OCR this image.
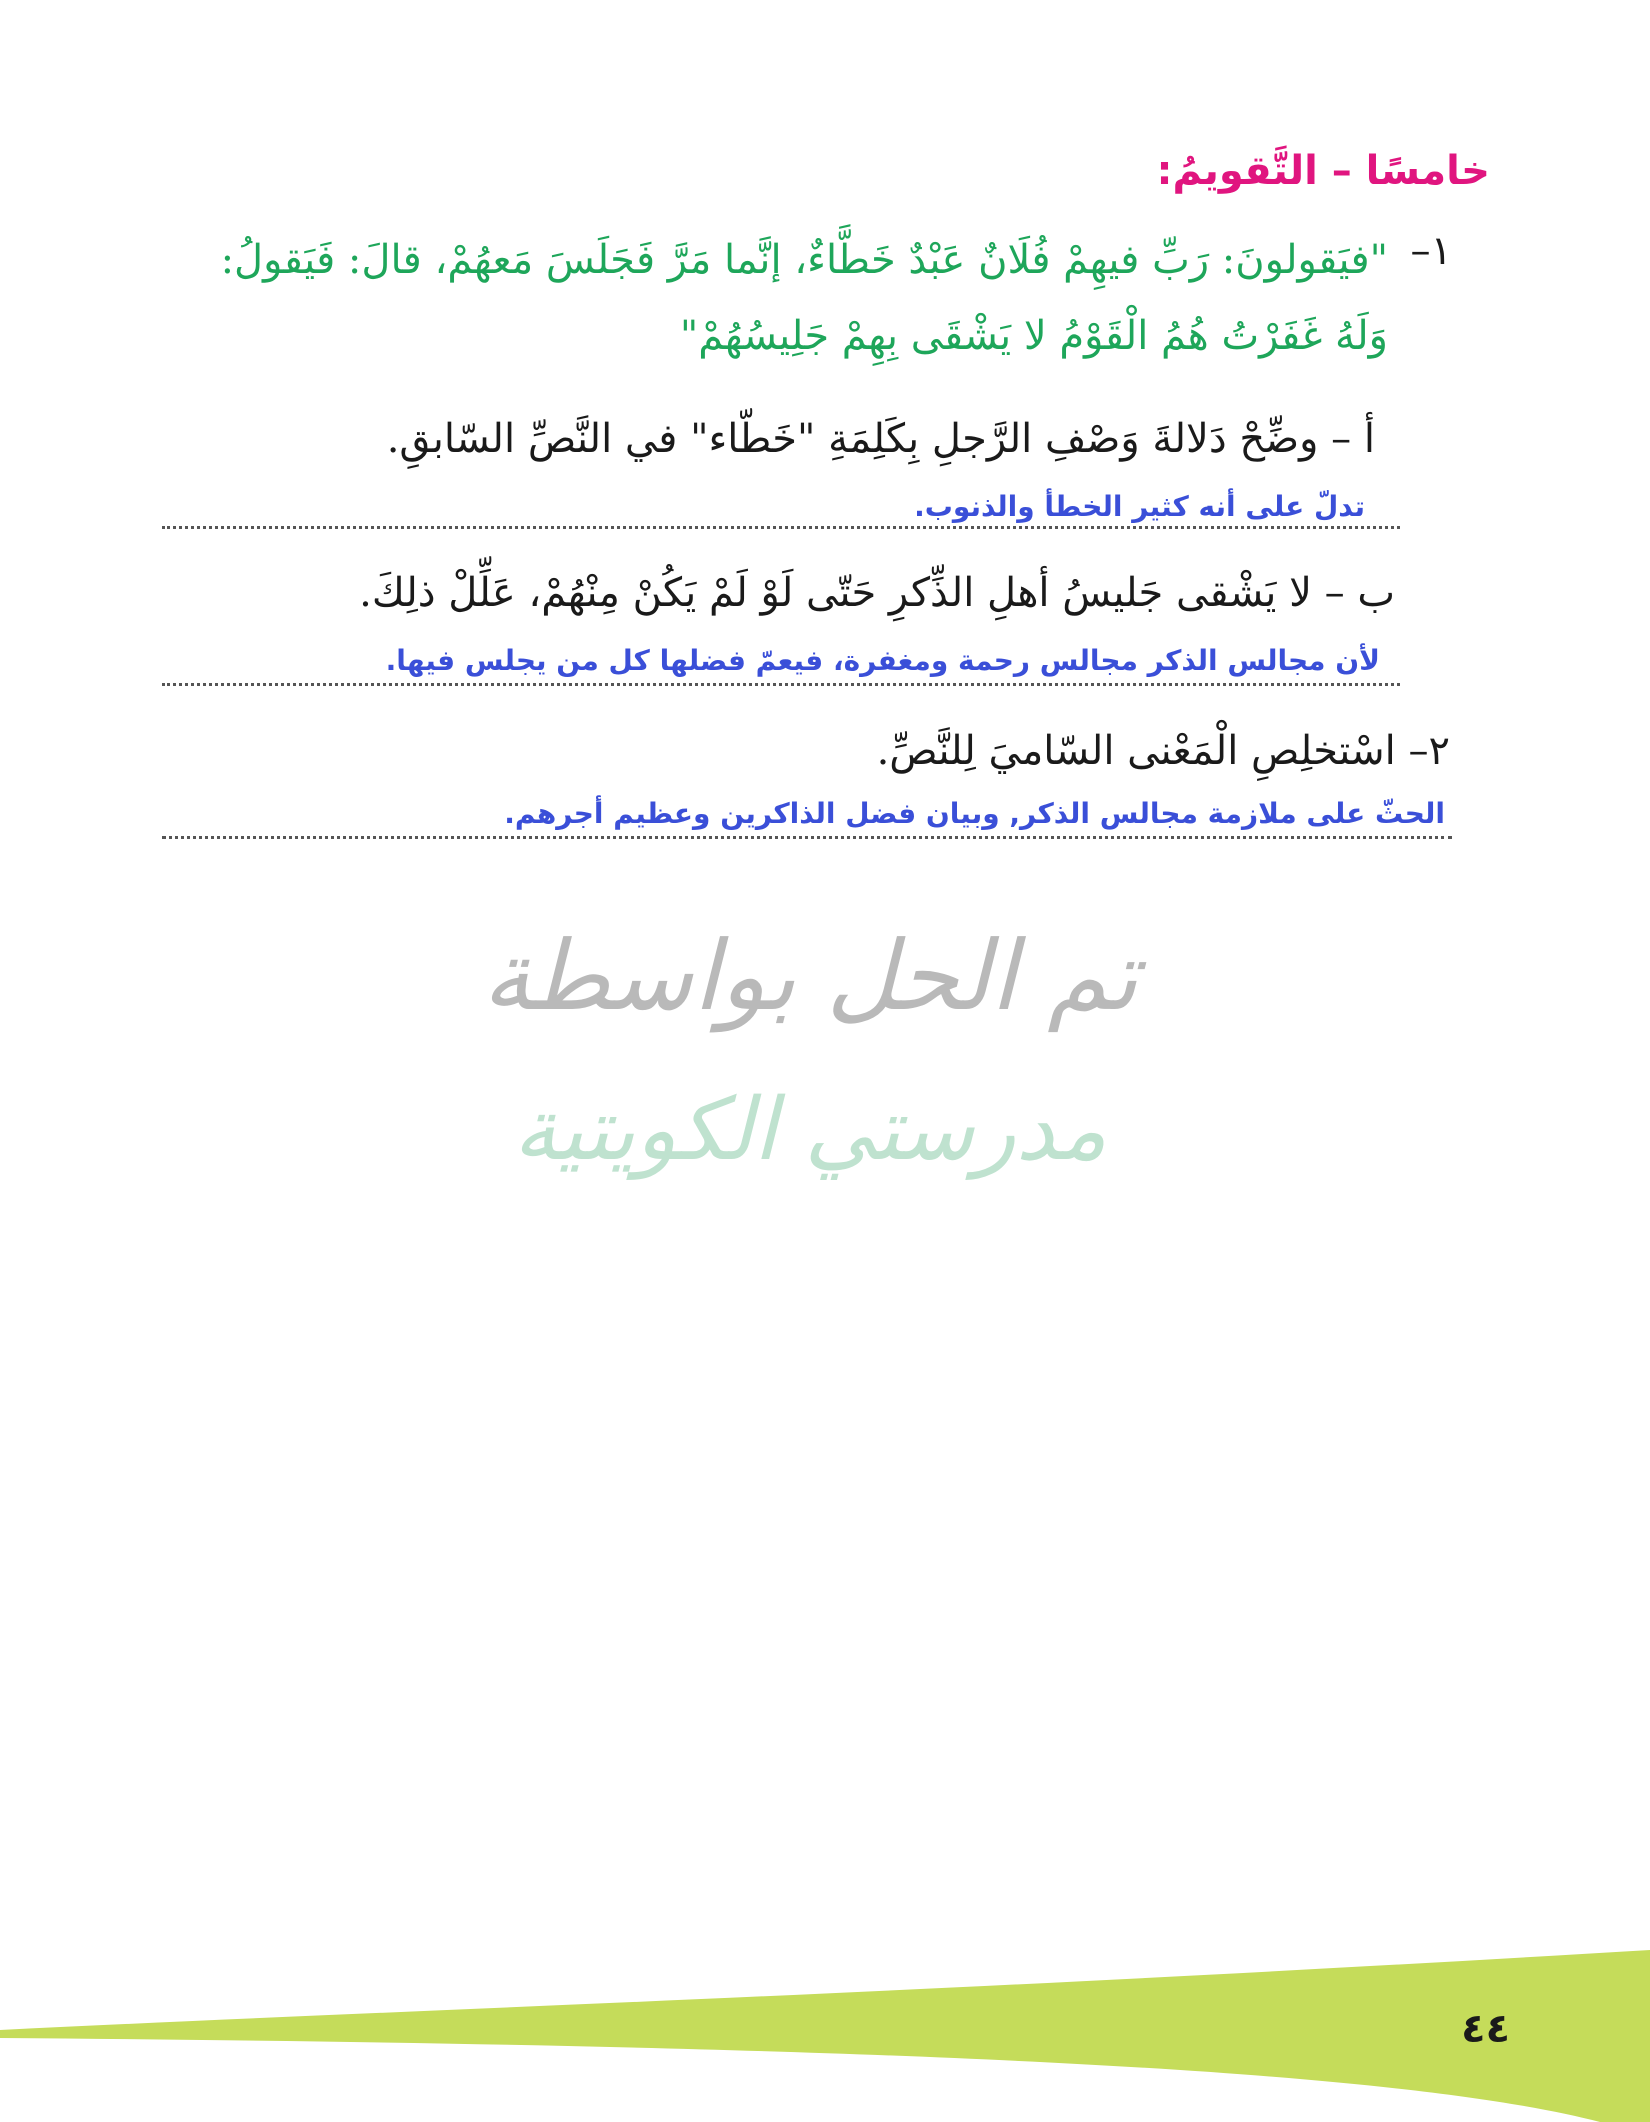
خامسًا – التَّقويمُ:
١–
"فيَقولونَ: رَبِّ فيهِمْ فُلَانٌ عَبْدٌ خَطَّاءٌ، إنَّما مَرَّ فَجَلَسَ مَعهُمْ، قالَ: فَيَقولُ: وَلَهُ غَفَرْتُ هُمُ الْقَوْمُ لا يَشْقَى بِهِمْ جَلِيسُهُمْ"
أ – وضِّحْ دَلالةَ وَصْفِ الرَّجلِ بِكَلِمَةِ "خَطّاء" في النَّصِّ السّابقِ.
تدلّ على أنه كثير الخطأ والذنوب.
ب – لا يَشْقى جَليسُ أهلِ الذِّكرِ حَتّى لَوْ لَمْ يَكُنْ مِنْهُمْ، عَلِّلْ ذلِكَ.
لأن مجالس الذكر مجالس رحمة ومغفرة، فيعمّ فضلها كل من يجلس فيها.
٢– اسْتخلِصِ الْمَعْنى السّاميَ لِلنَّصِّ.
الحثّ على ملازمة مجالس الذكر, وبيان فضل الذاكرين وعظيم أجرهم.
تم الحل بواسطة
مدرستي الكويتية
٤٤
